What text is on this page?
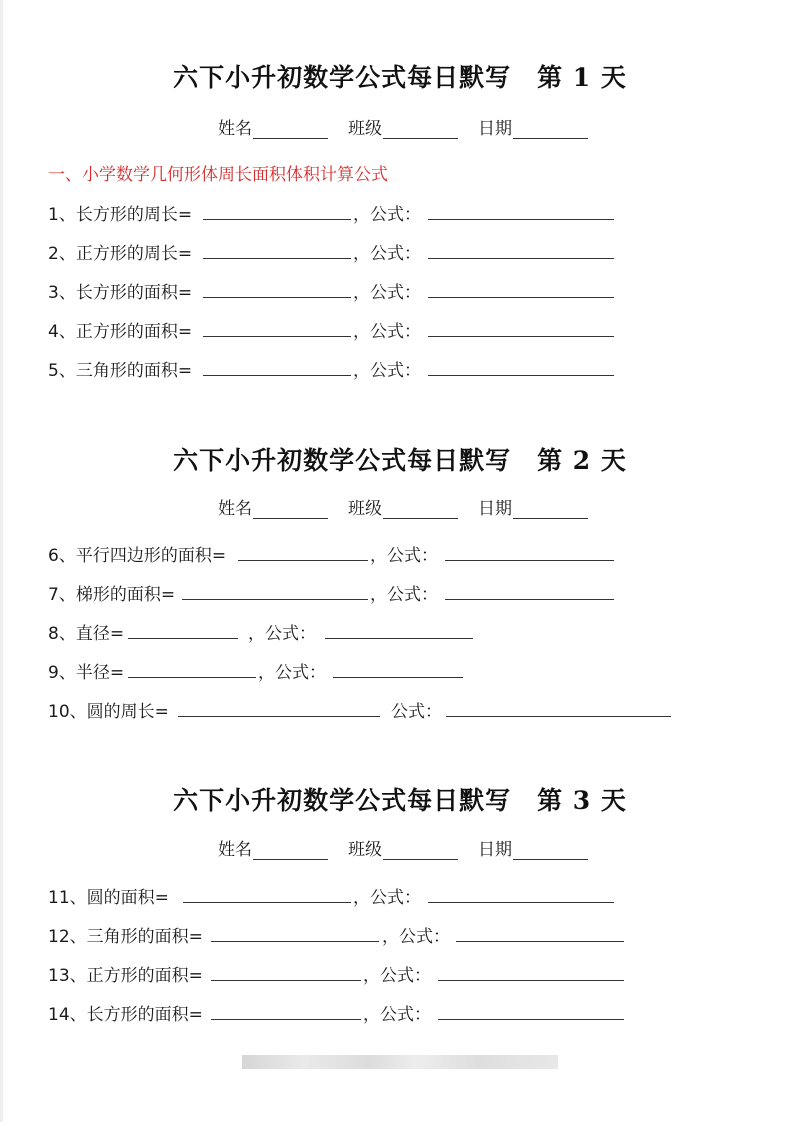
六下小升初数学公式每日默写 第 1 天
姓名	班级	日期
一、小学数学几何形体周长面积体积计算公式
1、长方形的周长=	，公式：
2、正方形的周长=	，公式：
3、长方形的面积=	，公式：
4、正方形的面积=	，公式：
5、三角形的面积=	，公式：
六下小升初数学公式每日默写 第 2 天
姓名	班级	日期
6、平行四边形的面积=	，公式：
7、梯形的面积=	，公式：
8、直径=	，公式：
9、半径=	，公式：
10、圆的周长=	公式：
六下小升初数学公式每日默写 第 3 天
姓名	班级	日期
11、圆的面积=	，公式：
12、三角形的面积=	，公式：
13、正方形的面积=	，公式：
14、长方形的面积=	，公式：
